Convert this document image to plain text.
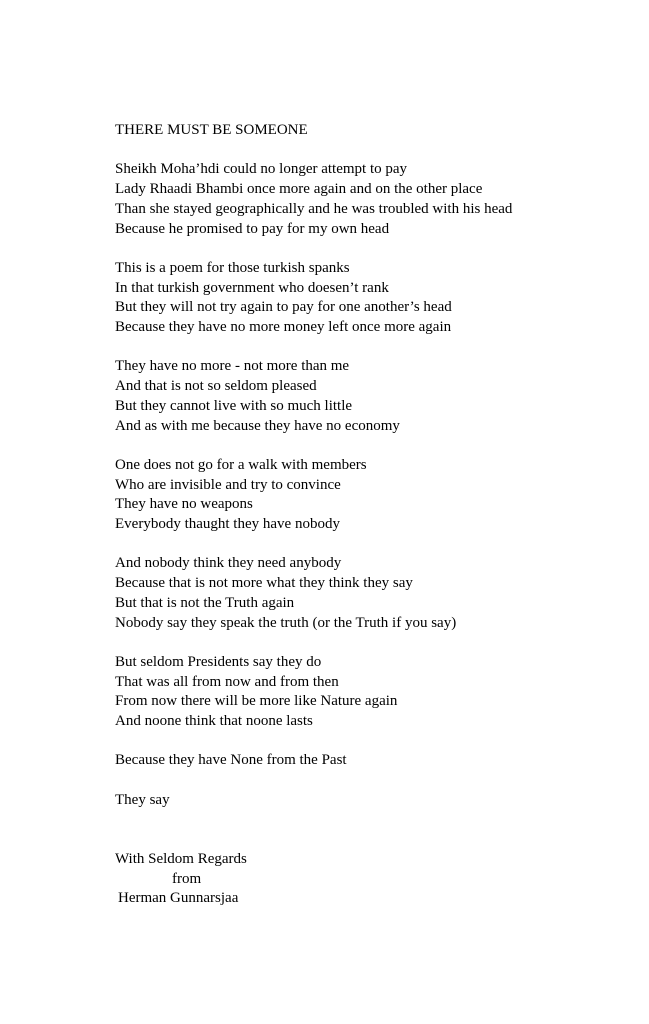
THERE MUST BE SOMEONE
Sheikh Moha’hdi could no longer attempt to pay
Lady Rhaadi Bhambi once more again and on the other place
Than she stayed geographically and he was troubled with his head
Because he promised to pay for my own head
This is a poem for those turkish spanks
In that turkish government who doesen’t rank
But they will not try again to pay for one another’s head
Because they have no more money left once more again
They have no more - not more than me
And that is not so seldom pleased
But they cannot live with so much little
And as with me because they have no economy
One does not go for a walk with members
Who are invisible and try to convince
They have no weapons
Everybody thaught they have nobody
And nobody think they need anybody
Because that is not more what they think they say
But that is not the Truth again
Nobody say they speak the truth (or the Truth if you say)
But seldom Presidents say they do
That was all from now and from then
From now there will be more like Nature again
And noone think that noone lasts
Because they have None from the Past
They say
With Seldom Regards
from
Herman Gunnarsjaa
